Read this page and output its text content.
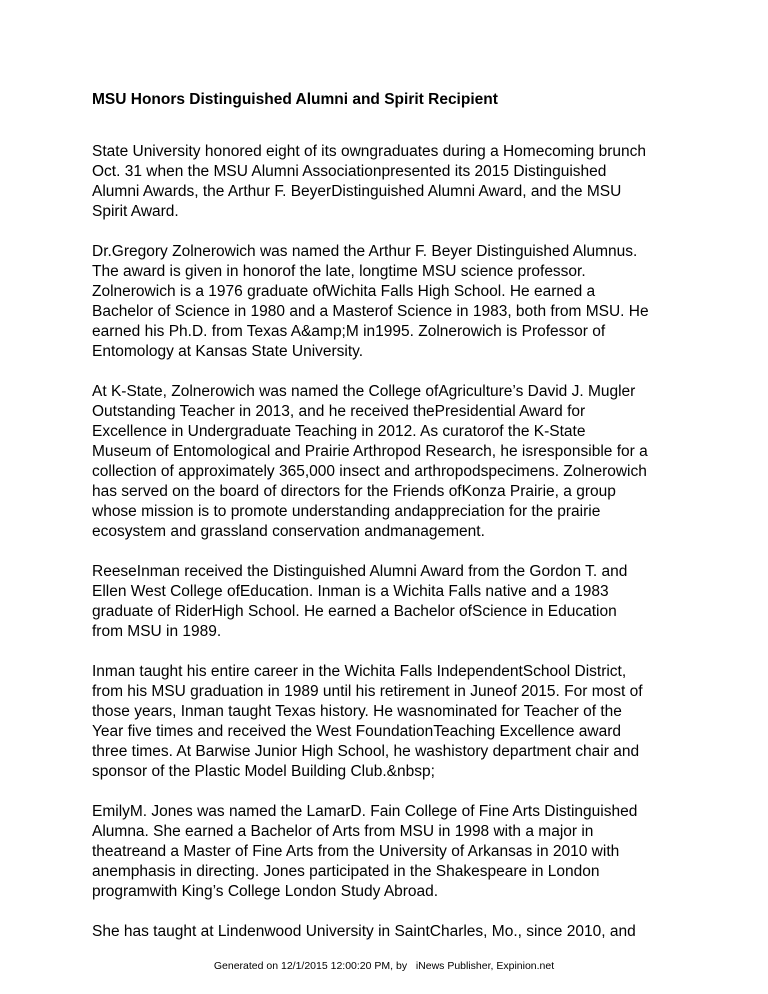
MSU Honors Distinguished Alumni and Spirit Recipient
State University honored eight of its owngraduates during a Homecoming brunch
Oct. 31 when the MSU Alumni Associationpresented its 2015 Distinguished
Alumni Awards, the Arthur F. BeyerDistinguished Alumni Award, and the MSU
Spirit Award.
Dr.Gregory Zolnerowich was named the Arthur F. Beyer Distinguished Alumnus.
The award is given in honorof the late, longtime MSU science professor.
Zolnerowich is a 1976 graduate ofWichita Falls High School. He earned a
Bachelor of Science in 1980 and a Masterof Science in 1983, both from MSU. He
earned his Ph.D. from Texas A&amp;M in1995. Zolnerowich is Professor of
Entomology at Kansas State University.
At K-State, Zolnerowich was named the College ofAgriculture’s David J. Mugler
Outstanding Teacher in 2013, and he received thePresidential Award for
Excellence in Undergraduate Teaching in 2012. As curatorof the K-State
Museum of Entomological and Prairie Arthropod Research, he isresponsible for a
collection of approximately 365,000 insect and arthropodspecimens. Zolnerowich
has served on the board of directors for the Friends ofKonza Prairie, a group
whose mission is to promote understanding andappreciation for the prairie
ecosystem and grassland conservation andmanagement.
ReeseInman received the Distinguished Alumni Award from the Gordon T. and
Ellen West College ofEducation. Inman is a Wichita Falls native and a 1983
graduate of RiderHigh School. He earned a Bachelor ofScience in Education
from MSU in 1989.
Inman taught his entire career in the Wichita Falls IndependentSchool District,
from his MSU graduation in 1989 until his retirement in Juneof 2015. For most of
those years, Inman taught Texas history. He wasnominated for Teacher of the
Year five times and received the West FoundationTeaching Excellence award
three times. At Barwise Junior High School, he washistory department chair and
sponsor of the Plastic Model Building Club.&nbsp;
EmilyM. Jones was named the LamarD. Fain College of Fine Arts Distinguished
Alumna. She earned a Bachelor of Arts from MSU in 1998 with a major in
theatreand a Master of Fine Arts from the University of Arkansas in 2010 with
anemphasis in directing. Jones participated in the Shakespeare in London
programwith King’s College London Study Abroad.
She has taught at Lindenwood University in SaintCharles, Mo., since 2010, and
Generated on 12/1/2015 12:00:20 PM, by   iNews Publisher, Expinion.net
